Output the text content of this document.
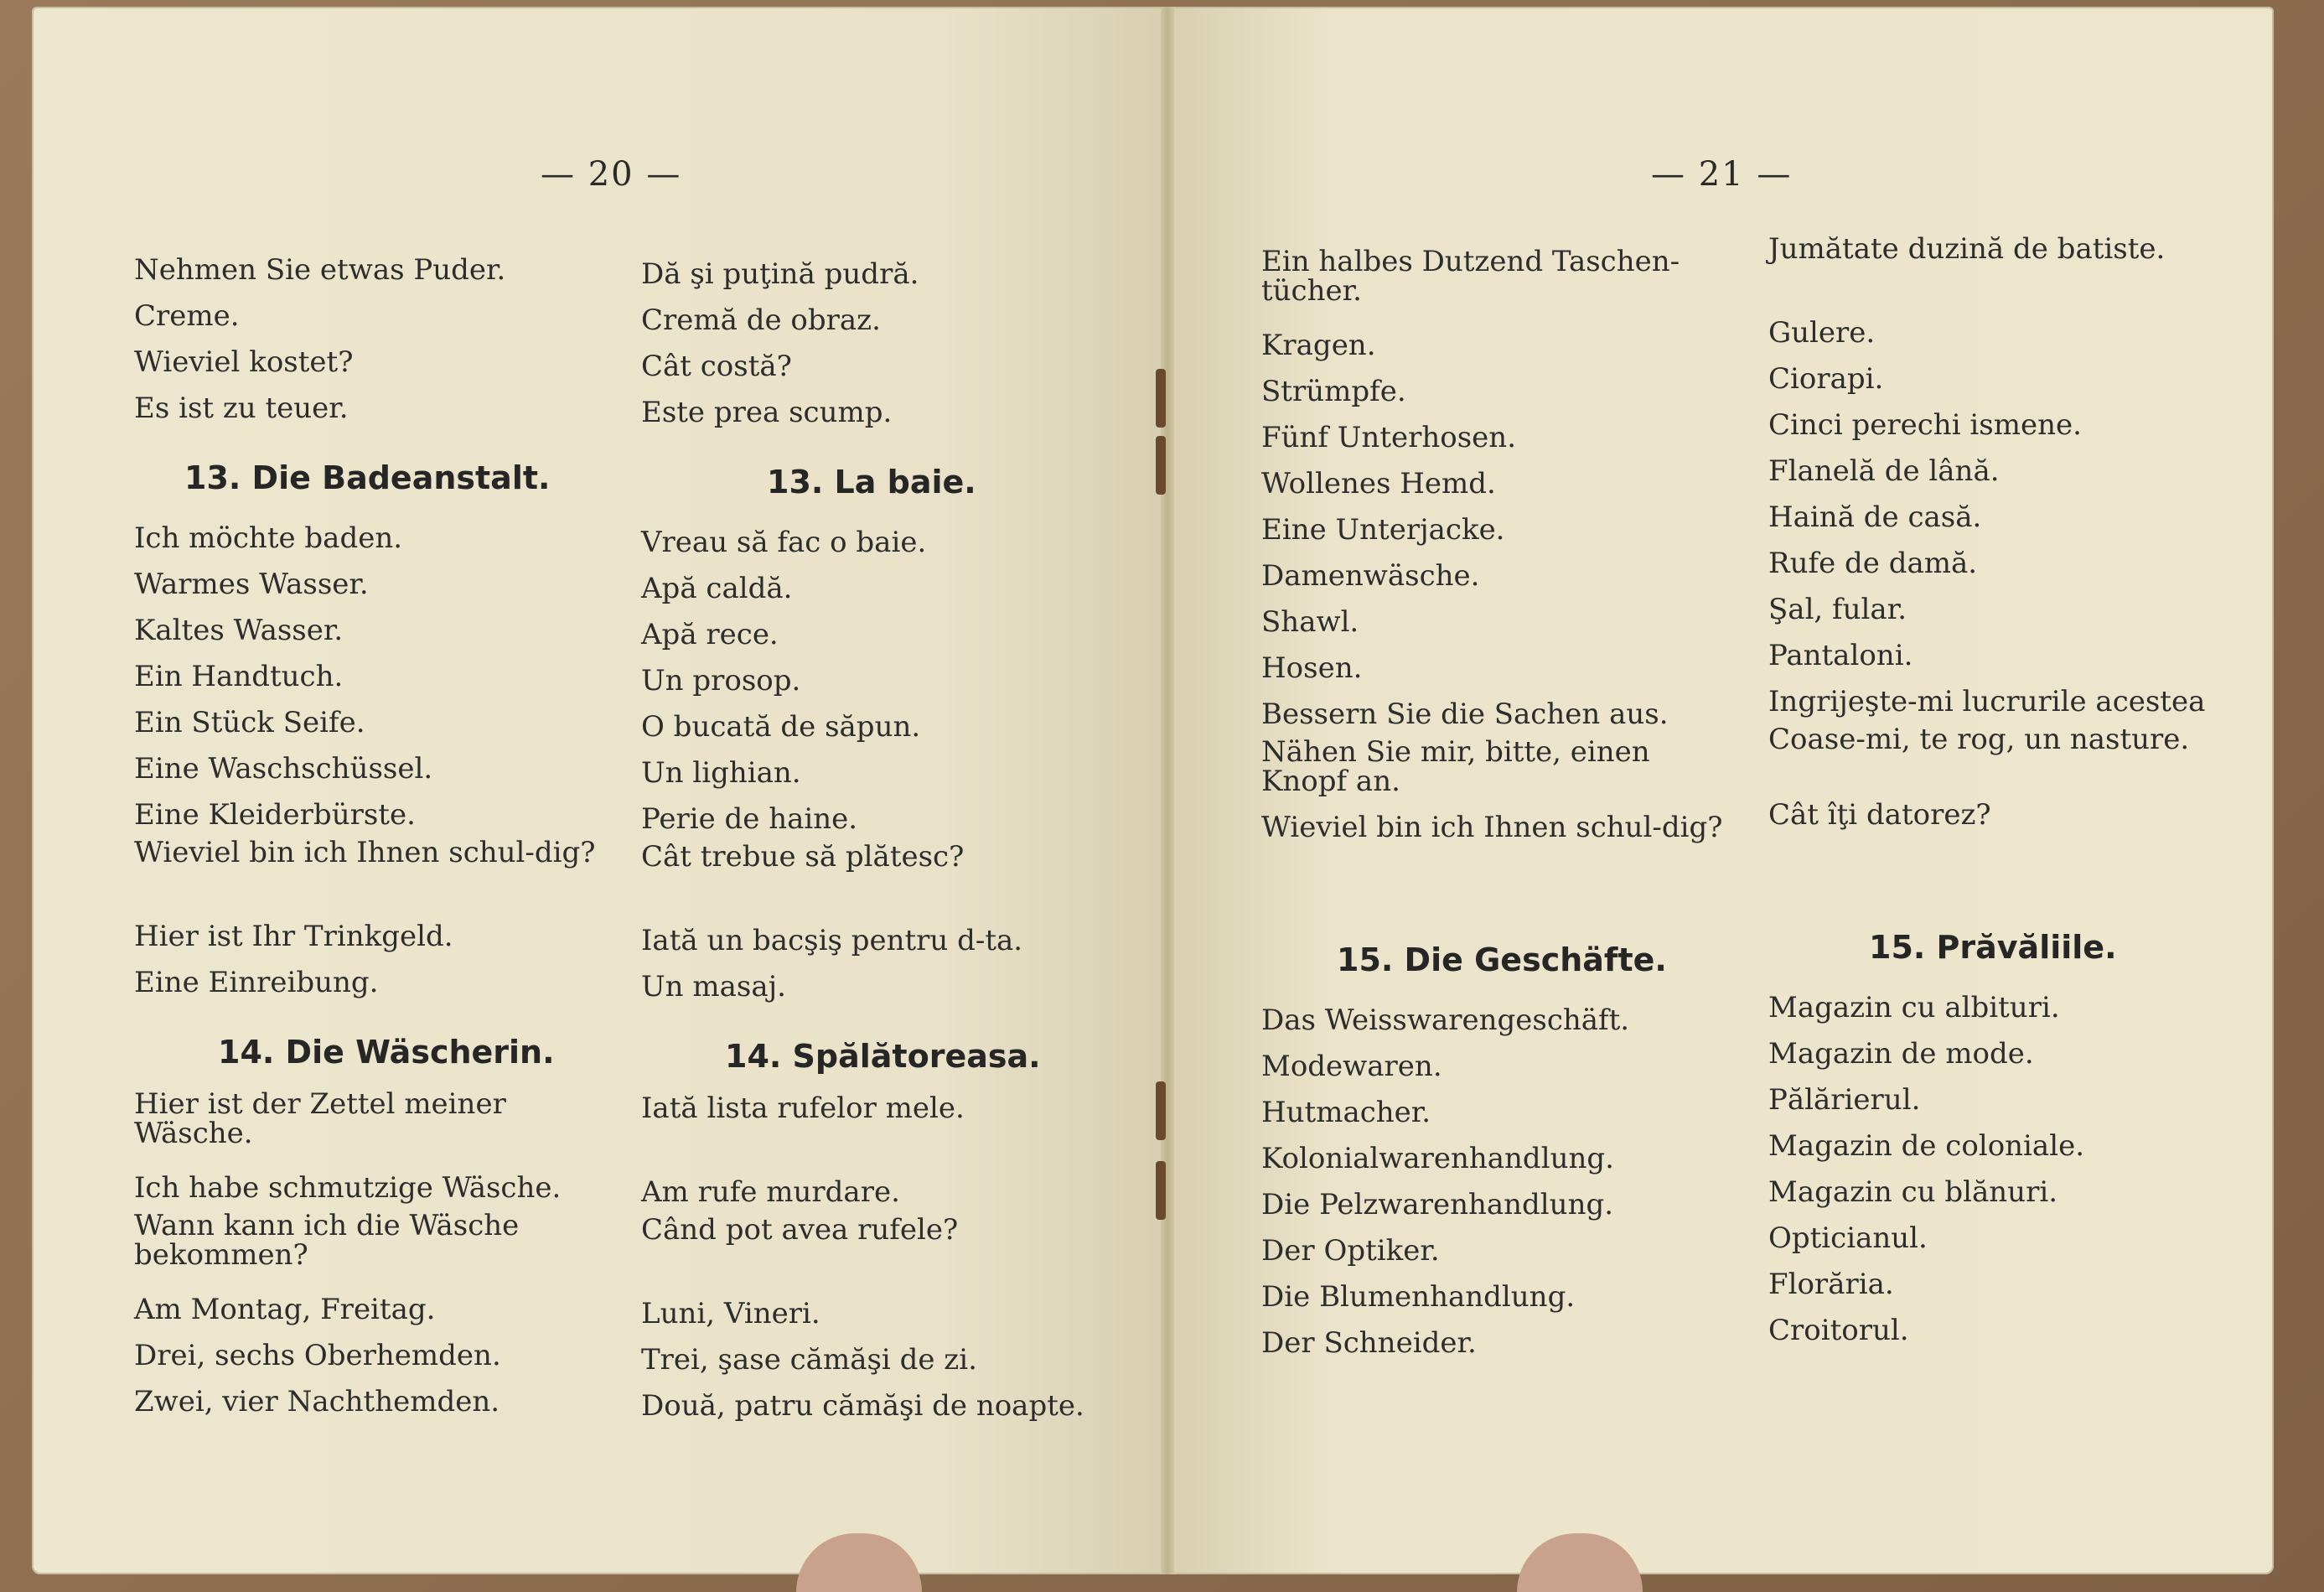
— 20 —
Nehmen Sie etwas Puder.
Creme.
Wieviel kostet?
Es ist zu teuer.
13. Die Badeanstalt.
Ich möchte baden.
Warmes Wasser.
Kaltes Wasser.
Ein Handtuch.
Ein Stück Seife.
Eine Waschschüssel.
Eine Kleiderbürste.
Wieviel bin ich Ihnen schul-dig?
Hier ist Ihr Trinkgeld.
Eine Einreibung.
14. Die Wäscherin.
Hier ist der Zettel meiner Wäsche.
Ich habe schmutzige Wäsche.
Wann kann ich die Wäsche bekommen?
Am Montag, Freitag.
Drei, sechs Oberhemden.
Zwei, vier Nachthemden.
Dă şi puţină pudră.
Cremă de obraz.
Cât costă?
Este prea scump.
13. La baie.
Vreau să fac o baie.
Apă caldă.
Apă rece.
Un prosop.
O bucată de săpun.
Un lighian.
Perie de haine.
Cât trebue să plătesc?
Iată un bacşiş pentru d-ta.
Un masaj.
14. Spălătoreasa.
Iată lista rufelor mele.
Am rufe murdare.
Când pot avea rufele?
Luni, Vineri.
Trei, şase cămăşi de zi.
Două, patru cămăşi de noapte.
— 21 —
Ein halbes Dutzend Taschen-tücher.
Kragen.
Strümpfe.
Fünf Unterhosen.
Wollenes Hemd.
Eine Unterjacke.
Damenwäsche.
Shawl.
Hosen.
Bessern Sie die Sachen aus.
Nähen Sie mir, bitte, einen Knopf an.
Wieviel bin ich Ihnen schul-dig?
15. Die Geschäfte.
Das Weisswarengeschäft.
Modewaren.
Hutmacher.
Kolonialwarenhandlung.
Die Pelzwarenhandlung.
Der Optiker.
Die Blumenhandlung.
Der Schneider.
Jumătate duzină de batiste.
Gulere.
Ciorapi.
Cinci perechi ismene.
Flanelă de lână.
Haină de casă.
Rufe de damă.
Şal, fular.
Pantaloni.
Ingrijeşte-mi lucrurile acestea
Coase-mi, te rog, un nasture.
Cât îţi datorez?
15. Prăvăliile.
Magazin cu albituri.
Magazin de mode.
Pălărierul.
Magazin de coloniale.
Magazin cu blănuri.
Opticianul.
Florăria.
Croitorul.
